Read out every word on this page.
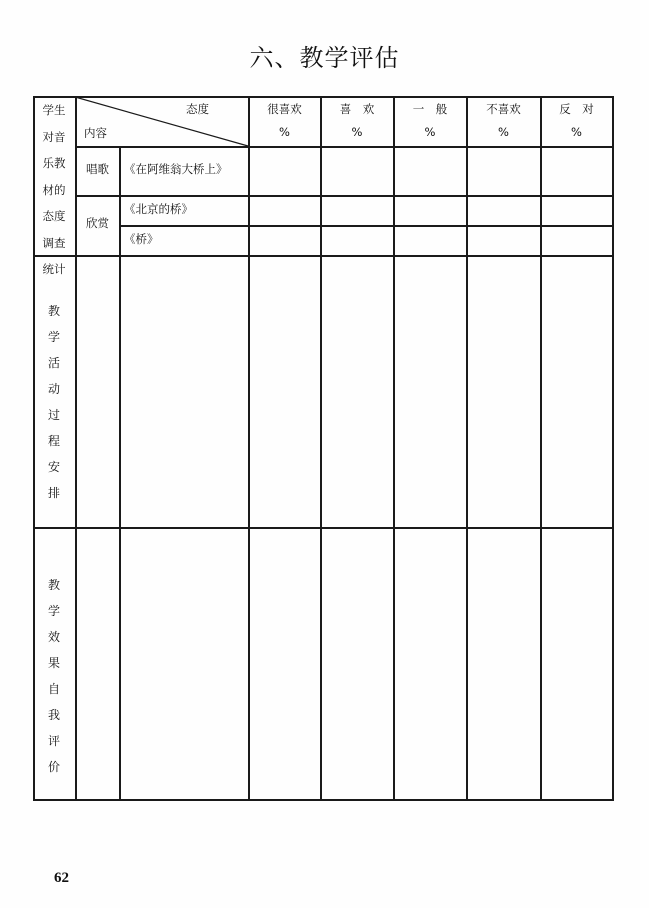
六、教学评估
学生
对音
乐教
材的
态度
调查
统计
态度
内容
很喜欢
%
喜　欢
%
一　般
%
不喜欢
%
反　对
%
唱歌
欣赏
《在阿维翁大桥上》
《北京的桥》
《桥》
教
学
活
动
过
程
安
排
教
学
效
果
自
我
评
价
62
